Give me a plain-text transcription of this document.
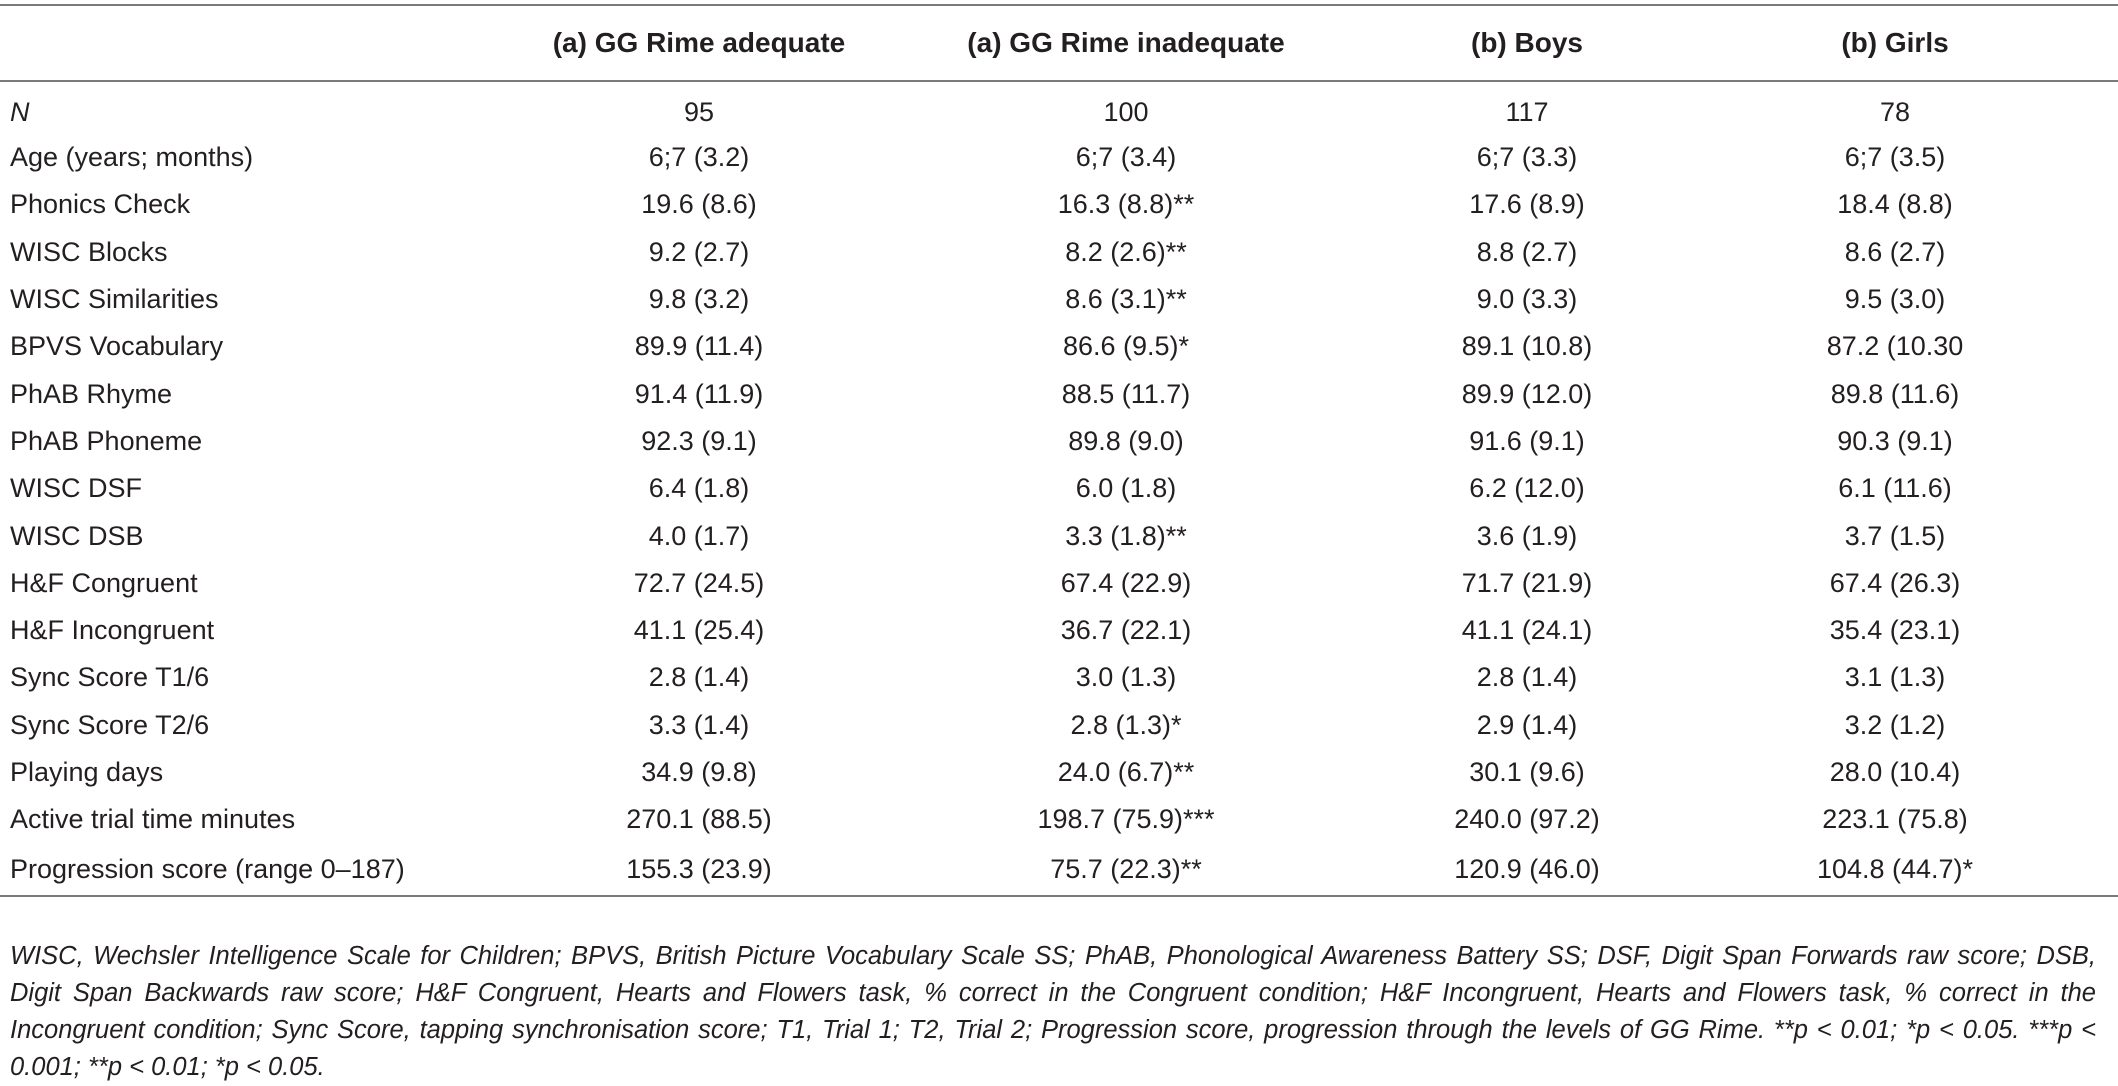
	(a) GG Rime adequate	(a) GG Rime inadequate	(b) Boys	(b) Girls
N	95	100	117	78
Age (years; months)	6;7 (3.2)	6;7 (3.4)	6;7 (3.3)	6;7 (3.5)
Phonics Check	19.6 (8.6)	16.3 (8.8)**	17.6 (8.9)	18.4 (8.8)
WISC Blocks	9.2 (2.7)	8.2 (2.6)**	8.8 (2.7)	8.6 (2.7)
WISC Similarities	9.8 (3.2)	8.6 (3.1)**	9.0 (3.3)	9.5 (3.0)
BPVS Vocabulary	89.9 (11.4)	86.6 (9.5)*	89.1 (10.8)	87.2 (10.30
PhAB Rhyme	91.4 (11.9)	88.5 (11.7)	89.9 (12.0)	89.8 (11.6)
PhAB Phoneme	92.3 (9.1)	89.8 (9.0)	91.6 (9.1)	90.3 (9.1)
WISC DSF	6.4 (1.8)	6.0 (1.8)	6.2 (12.0)	6.1 (11.6)
WISC DSB	4.0 (1.7)	3.3 (1.8)**	3.6 (1.9)	3.7 (1.5)
H&F Congruent	72.7 (24.5)	67.4 (22.9)	71.7 (21.9)	67.4 (26.3)
H&F Incongruent	41.1 (25.4)	36.7 (22.1)	41.1 (24.1)	35.4 (23.1)
Sync Score T1/6	2.8 (1.4)	3.0 (1.3)	2.8 (1.4)	3.1 (1.3)
Sync Score T2/6	3.3 (1.4)	2.8 (1.3)*	2.9 (1.4)	3.2 (1.2)
Playing days	34.9 (9.8)	24.0 (6.7)**	30.1 (9.6)	28.0 (10.4)
Active trial time minutes	270.1 (88.5)	198.7 (75.9)***	240.0 (97.2)	223.1 (75.8)
Progression score (range 0–187)	155.3 (23.9)	75.7 (22.3)**	120.9 (46.0)	104.8 (44.7)*

WISC, Wechsler Intelligence Scale for Children; BPVS, British Picture Vocabulary Scale SS; PhAB, Phonological Awareness Battery SS; DSF, Digit Span Forwards raw score; DSB, Digit Span Backwards raw score; H&F Congruent, Hearts and Flowers task, % correct in the Congruent condition; H&F Incongruent, Hearts and Flowers task, % correct in the Incongruent condition; Sync Score, tapping synchronisation score; T1, Trial 1; T2, Trial 2; Progression score, progression through the levels of GG Rime. **p < 0.01; *p < 0.05. ***p < 0.001; **p < 0.01; *p < 0.05.
